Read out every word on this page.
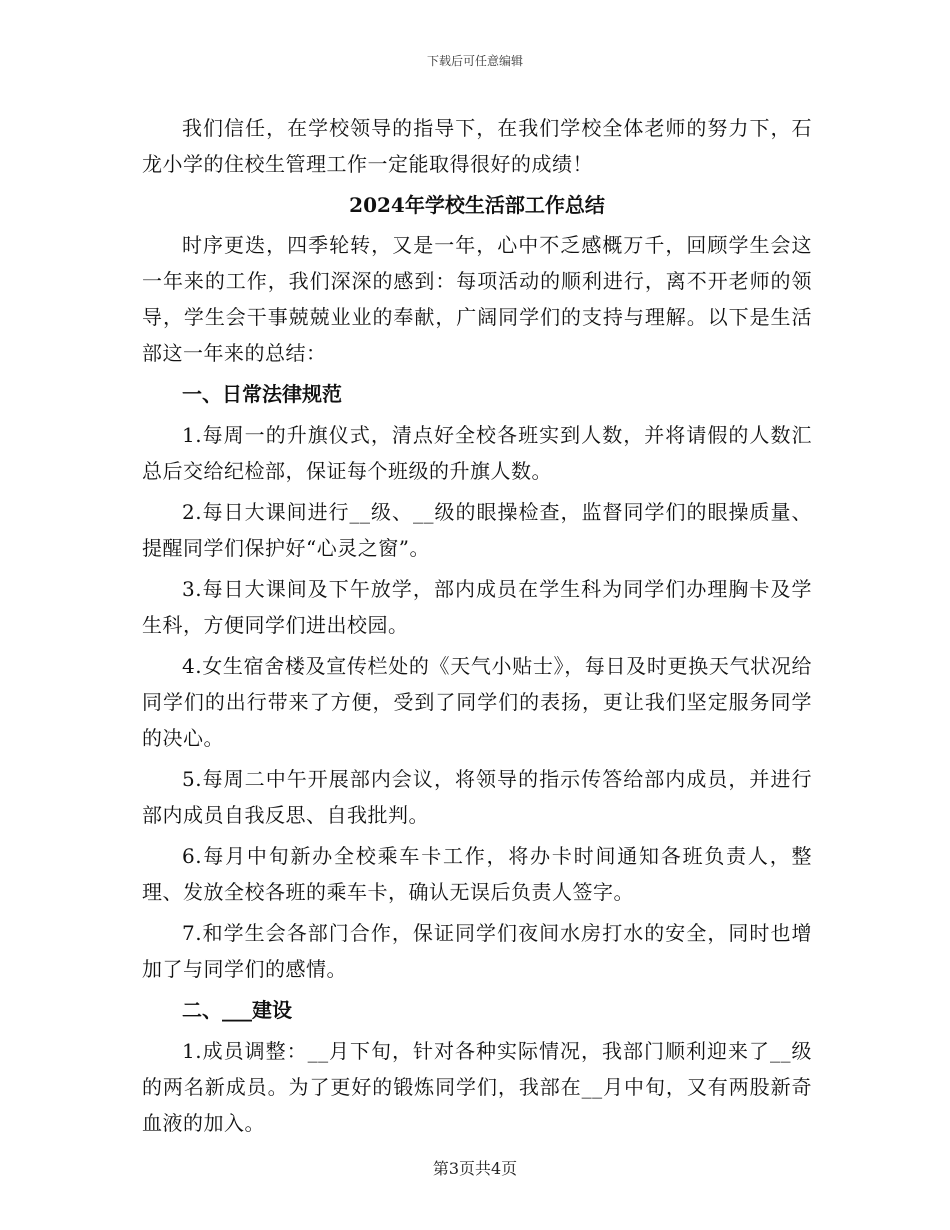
下载后可任意编辑

我们信任，在学校领导的指导下，在我们学校全体老师的努力下，石龙小学的住校生管理工作一定能取得很好的成绩！

2024年学校生活部工作总结

时序更迭，四季轮转，又是一年，心中不乏感概万千，回顾学生会这一年来的工作，我们深深的感到：每项活动的顺利进行，离不开老师的领导，学生会干事兢兢业业的奉献，广阔同学们的支持与理解。以下是生活部这一年来的总结：

一、日常法律规范

1.每周一的升旗仪式，清点好全校各班实到人数，并将请假的人数汇总后交给纪检部，保证每个班级的升旗人数。

2.每日大课间进行__级、__级的眼操检查，监督同学们的眼操质量、提醒同学们保护好“心灵之窗”。

3.每日大课间及下午放学，部内成员在学生科为同学们办理胸卡及学生科，方便同学们进出校园。

4.女生宿舍楼及宣传栏处的《天气小贴士》，每日及时更换天气状况给同学们的出行带来了方便，受到了同学们的表扬，更让我们坚定服务同学的决心。

5.每周二中午开展部内会议，将领导的指示传答给部内成员，并进行部内成员自我反思、自我批判。

6.每月中旬新办全校乘车卡工作，将办卡时间通知各班负责人，整理、发放全校各班的乘车卡，确认无误后负责人签字。

7.和学生会各部门合作，保证同学们夜间水房打水的安全，同时也增加了与同学们的感情。

二、___建设

1.成员调整：__月下旬，针对各种实际情况，我部门顺利迎来了__级的两名新成员。为了更好的锻炼同学们，我部在__月中旬，又有两股新奇血液的加入。

第3页共4页
